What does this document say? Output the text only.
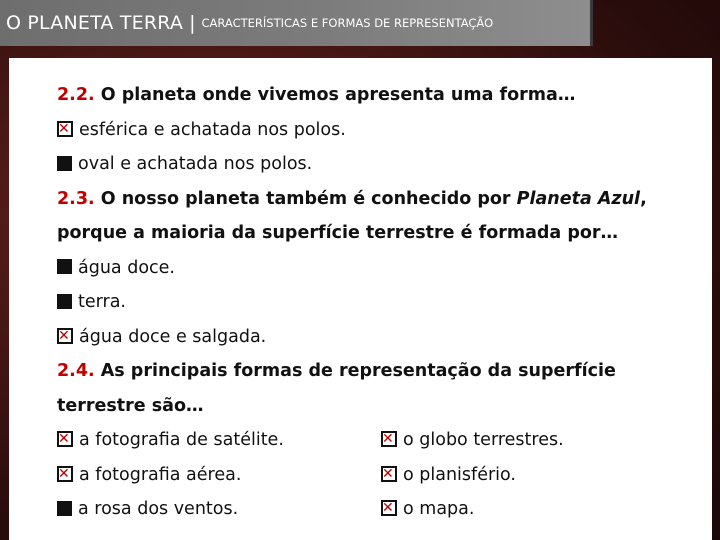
O PLANETA TERRA | CARACTERÍSTICAS E FORMAS DE REPRESENTAÇÃO
2.2. O planeta onde vivemos apresenta uma forma…
✕
esférica e achatada nos polos.
oval e achatada nos polos.
2.3. O nosso planeta também é conhecido por Planeta Azul,
porque a maioria da superfície terrestre é formada por…
água doce.
terra.
✕
água doce e salgada.
2.4. As principais formas de representação da superfície
terrestre são…
✕
a fotografia de satélite.
✕
a fotografia aérea.
a rosa dos ventos.
✕
o globo terrestres.
✕
o planisfério.
✕
o mapa.
